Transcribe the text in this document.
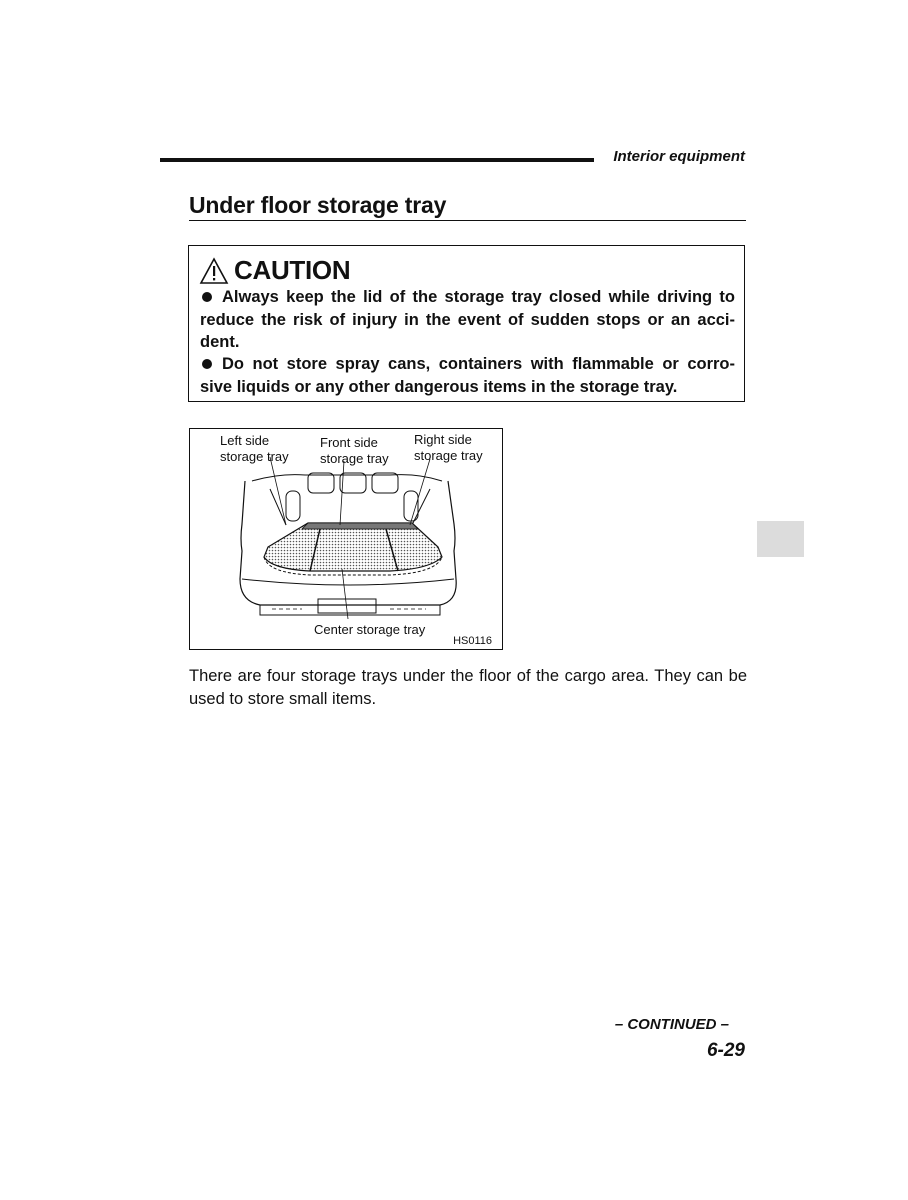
Interior equipment
Under floor storage tray
CAUTION
Always keep the lid of the storage tray closed while driving to reduce the risk of injury in the event of sudden stops or an acci- dent.
Do not store spray cans, containers with flammable or corro- sive liquids or any other dangerous items in the storage tray.
Left side
storage tray
Front side
storage tray
Right side
storage tray
Center storage tray
HS0116
There are four storage trays under the floor of the cargo area. They can be used to store small items.
– CONTINUED –
6-29
